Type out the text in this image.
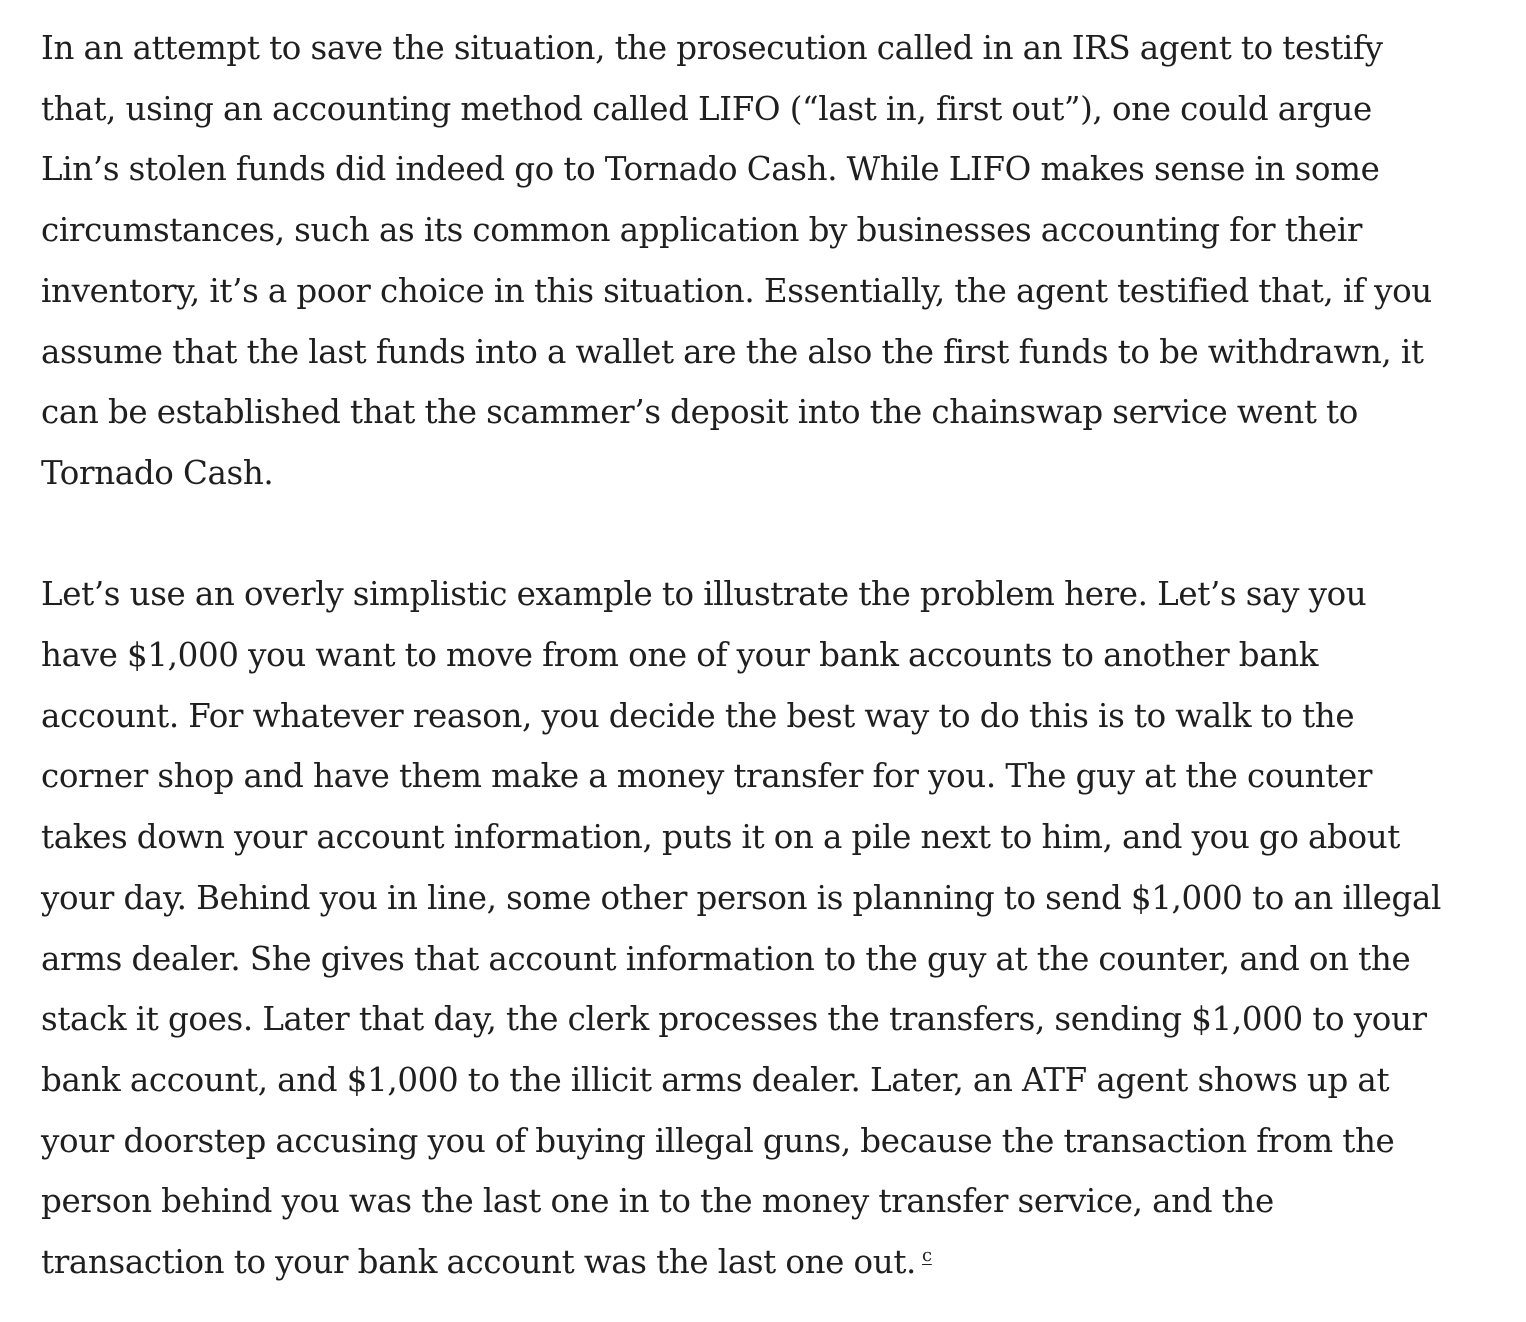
In an attempt to save the situation, the prosecution called in an IRS agent to testify
that, using an accounting method called LIFO (“last in, first out”), one could argue
Lin’s stolen funds did indeed go to Tornado Cash. While LIFO makes sense in some
circumstances, such as its common application by businesses accounting for their
inventory, it’s a poor choice in this situation. Essentially, the agent testified that, if you
assume that the last funds into a wallet are the also the first funds to be withdrawn, it
can be established that the scammer’s deposit into the chainswap service went to
Tornado Cash.

Let’s use an overly simplistic example to illustrate the problem here. Let’s say you
have $1,000 you want to move from one of your bank accounts to another bank
account. For whatever reason, you decide the best way to do this is to walk to the
corner shop and have them make a money transfer for you. The guy at the counter
takes down your account information, puts it on a pile next to him, and you go about
your day. Behind you in line, some other person is planning to send $1,000 to an illegal
arms dealer. She gives that account information to the guy at the counter, and on the
stack it goes. Later that day, the clerk processes the transfers, sending $1,000 to your
bank account, and $1,000 to the illicit arms dealer. Later, an ATF agent shows up at
your doorstep accusing you of buying illegal guns, because the transaction from the
person behind you was the last one in to the money transfer service, and the
transaction to your bank account was the last one out. $^c$
